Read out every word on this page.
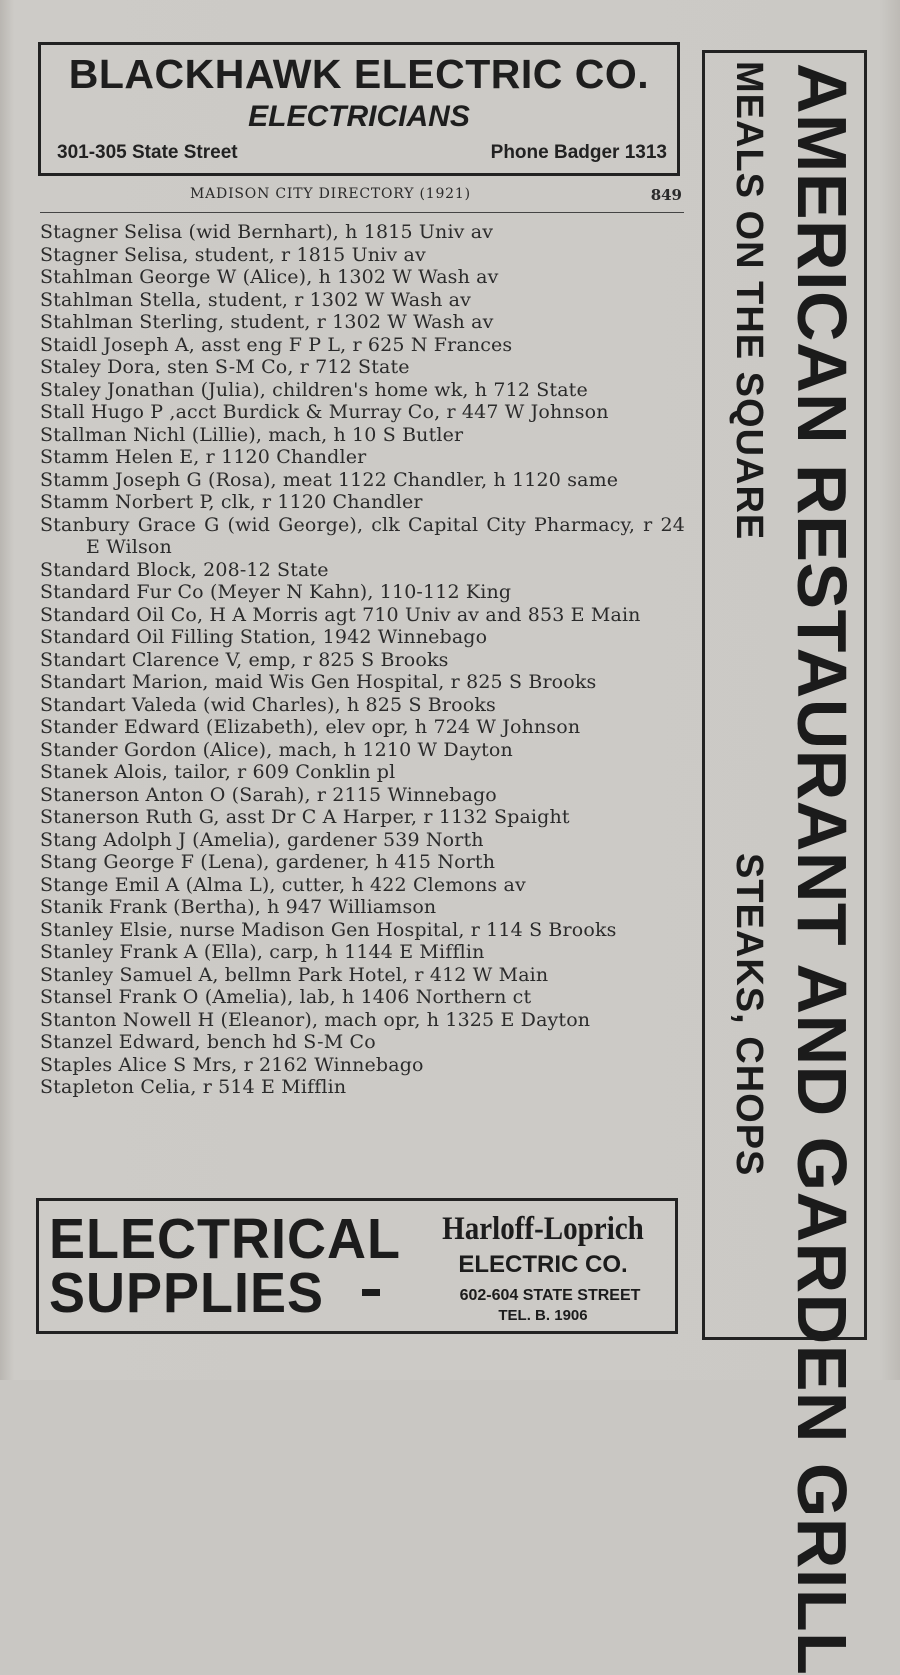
BLACKHAWK ELECTRIC CO.
ELECTRICIANS
301-305 State Street	Phone Badger 1313
MADISON CITY DIRECTORY (1921)	849
Stagner Selisa (wid Bernhart), h 1815 Univ av
Stagner Selisa, student, r 1815 Univ av
Stahlman George W (Alice), h 1302 W Wash av
Stahlman Stella, student, r 1302 W Wash av
Stahlman Sterling, student, r 1302 W Wash av
Staidl Joseph A, asst eng F P L, r 625 N Frances
Staley Dora, sten S-M Co, r 712 State
Staley Jonathan (Julia), children's home wk, h 712 State
Stall Hugo P ,acct Burdick & Murray Co, r 447 W Johnson
Stallman Nichl (Lillie), mach, h 10 S Butler
Stamm Helen E, r 1120 Chandler
Stamm Joseph G (Rosa), meat 1122 Chandler, h 1120 same
Stamm Norbert P, clk, r 1120 Chandler
Stanbury Grace G (wid George), clk Capital City Pharmacy, r 24 E Wilson
Standard Block, 208-12 State
Standard Fur Co (Meyer N Kahn), 110-112 King
Standard Oil Co, H A Morris agt 710 Univ av and 853 E Main
Standard Oil Filling Station, 1942 Winnebago
Standart Clarence V, emp, r 825 S Brooks
Standart Marion, maid Wis Gen Hospital, r 825 S Brooks
Standart Valeda (wid Charles), h 825 S Brooks
Stander Edward (Elizabeth), elev opr, h 724 W Johnson
Stander Gordon (Alice), mach, h 1210 W Dayton
Stanek Alois, tailor, r 609 Conklin pl
Stanerson Anton O (Sarah), r 2115 Winnebago
Stanerson Ruth G, asst Dr C A Harper, r 1132 Spaight
Stang Adolph J (Amelia), gardener 539 North
Stang George F (Lena), gardener, h 415 North
Stange Emil A (Alma L), cutter, h 422 Clemons av
Stanik Frank (Bertha), h 947 Williamson
Stanley Elsie, nurse Madison Gen Hospital, r 114 S Brooks
Stanley Frank A (Ella), carp, h 1144 E Mifflin
Stanley Samuel A, bellmn Park Hotel, r 412 W Main
Stansel Frank O (Amelia), lab, h 1406 Northern ct
Stanton Nowell H (Eleanor), mach opr, h 1325 E Dayton
Stanzel Edward, bench hd S-M Co
Staples Alice S Mrs, r 2162 Winnebago
Stapleton Celia, r 514 E Mifflin
ELECTRICAL
SUPPLIES
Harloff-Loprich
ELECTRIC CO.
602-604 STATE STREET
TEL. B. 1906	AMERICAN RESTAURANT AND GARDEN GRILL
MEALS ON THE SQUARE
STEAKS, CHOPS
